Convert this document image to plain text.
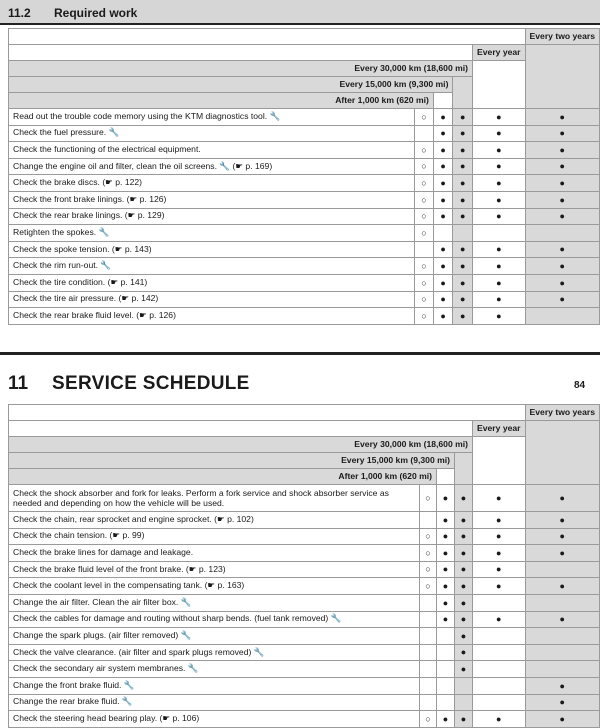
11.2 Required work
					Every two years
				Every year	
Every 30,000 km (18,600 mi)					
Every 15,000 km (9,300 mi)					
After 1,000 km (620 mi)					
Read out the trouble code memory using the KTM diagnostics tool. 🔧	○	●	●	●	●
Check the fuel pressure. 🔧		●	●	●	●
Check the functioning of the electrical equipment.	○	●	●	●	●
Change the engine oil and filter, clean the oil screens. 🔧 (☛ p. 169)	○	●	●	●	●
Check the brake discs. (☛ p. 122)	○	●	●	●	●
Check the front brake linings. (☛ p. 126)	○	●	●	●	●
Check the rear brake linings. (☛ p. 129)	○	●	●	●	●
Retighten the spokes. 🔧	○				
Check the spoke tension. (☛ p. 143)		●	●	●	●
Check the rim run-out. 🔧	○	●	●	●	●
Check the tire condition. (☛ p. 141)	○	●	●	●	●
Check the tire air pressure. (☛ p. 142)	○	●	●	●	●
Check the rear brake fluid level. (☛ p. 126)	○	●	●	●	
11 SERVICE SCHEDULE	84
					Every two years
				Every year	
Every 30,000 km (18,600 mi)					
Every 15,000 km (9,300 mi)					
After 1,000 km (620 mi)					
Check the shock absorber and fork for leaks. Perform a fork service and shock absorber service as needed and depending on how the vehicle will be used.	○	●	●	●	●
Check the chain, rear sprocket and engine sprocket. (☛ p. 102)		●	●	●	●
Check the chain tension. (☛ p. 99)	○	●	●	●	●
Check the brake lines for damage and leakage.	○	●	●	●	●
Check the brake fluid level of the front brake. (☛ p. 123)	○	●	●	●	
Check the coolant level in the compensating tank. (☛ p. 163)	○	●	●	●	●
Change the air filter. Clean the air filter box. 🔧		●	●		
Check the cables for damage and routing without sharp bends. (fuel tank removed) 🔧		●	●	●	●
Change the spark plugs. (air filter removed) 🔧			●		
Check the valve clearance. (air filter and spark plugs removed) 🔧			●		
Check the secondary air system membranes. 🔧			●		
Change the front brake fluid. 🔧					●
Change the rear brake fluid. 🔧					●
Check the steering head bearing play. (☛ p. 106)	○	●	●	●	●
